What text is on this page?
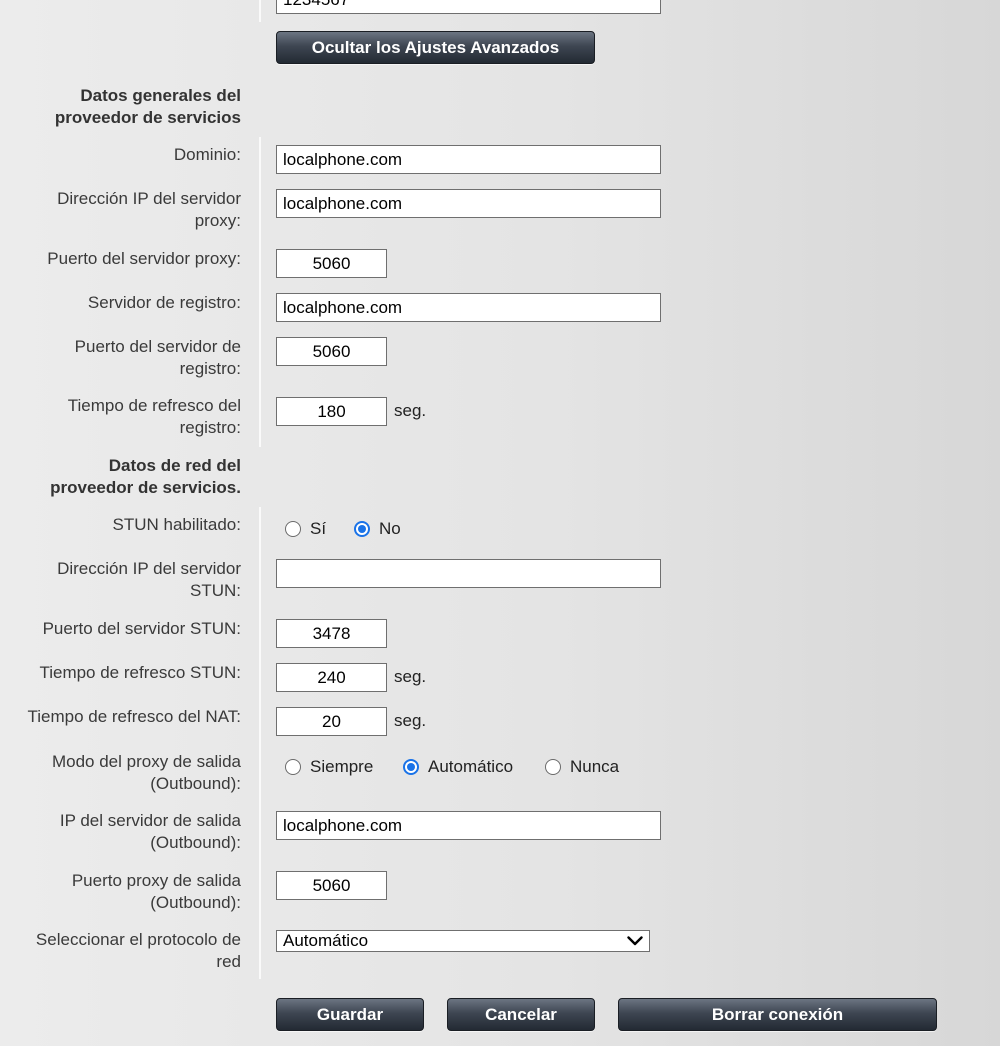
1234567
Ocultar los Ajustes Avanzados
Datos generales del proveedor de servicios
Dominio:
localphone.com
Dirección IP del servidor proxy:
localphone.com
Puerto del servidor proxy:
5060
Servidor de registro:
localphone.com
Puerto del servidor de registro:
5060
Tiempo de refresco del registro:
180
seg.
Datos de red del proveedor de servicios.
STUN habilitado:	Sí	No
Dirección IP del servidor STUN:
Puerto del servidor STUN:
3478
Tiempo de refresco STUN:
240	seg.
Tiempo de refresco del NAT:
20	seg.
Modo del proxy de salida (Outbound):
Siempre	Automático	Nunca
IP del servidor de salida (Outbound):
localphone.com
Puerto proxy de salida (Outbound):
5060
Seleccionar el protocolo de red
Automático
Guardar	Cancelar	Borrar conexión
